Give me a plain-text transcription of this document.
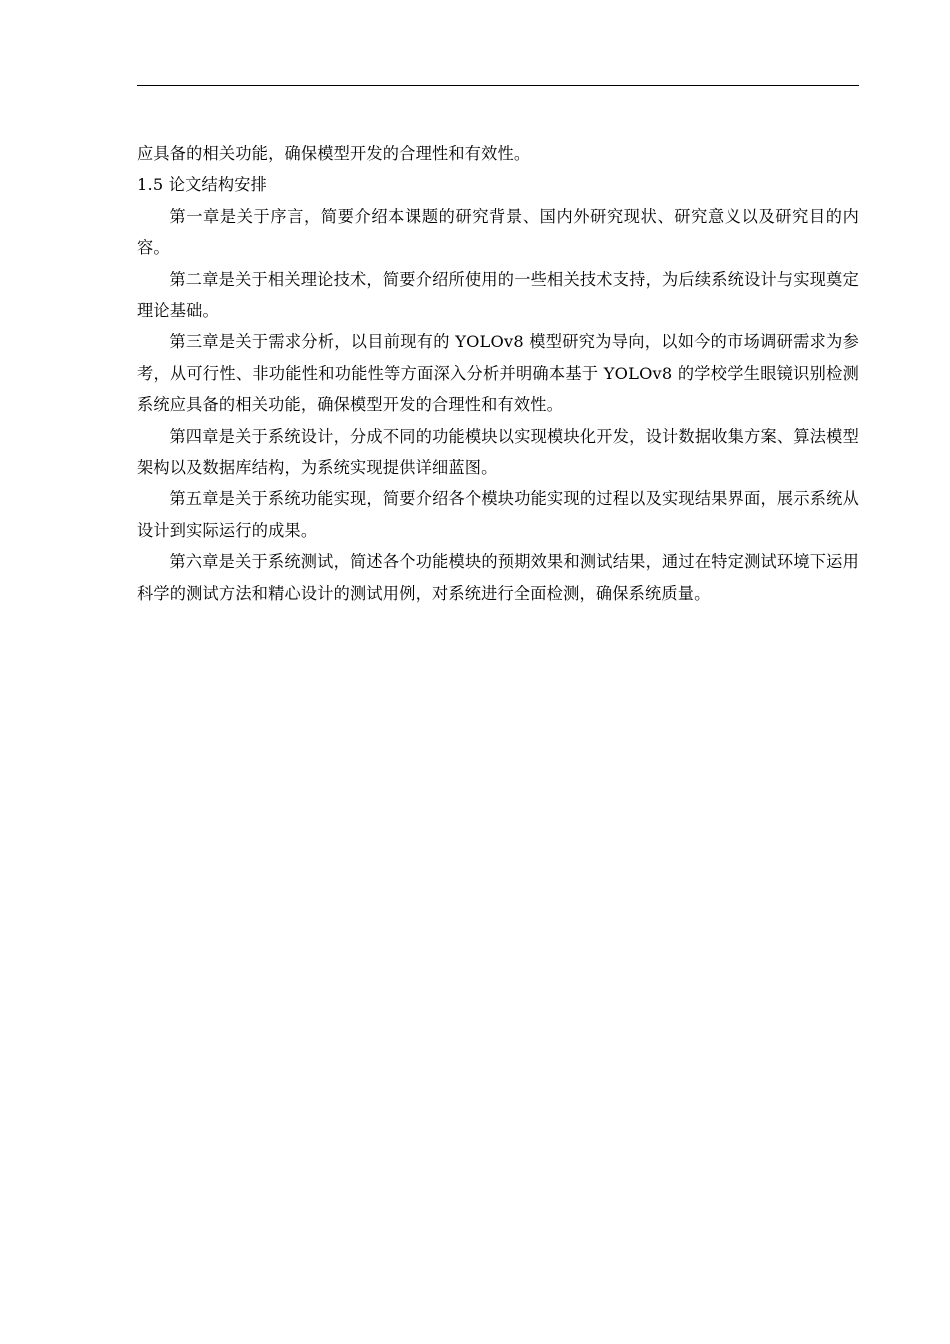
应具备的相关功能，确保模型开发的合理性和有效性。

1.5 论文结构安排

第一章是关于序言，简要介绍本课题的研究背景、国内外研究现状、研究意义以及研究目的内容。

第二章是关于相关理论技术，简要介绍所使用的一些相关技术支持，为后续系统设计与实现奠定理论基础。

第三章是关于需求分析，以目前现有的 YOLOv8 模型研究为导向，以如今的市场调研需求为参考，从可行性、非功能性和功能性等方面深入分析并明确本基于 YOLOv8 的学校学生眼镜识别检测系统应具备的相关功能，确保模型开发的合理性和有效性。

第四章是关于系统设计，分成不同的功能模块以实现模块化开发，设计数据收集方案、算法模型架构以及数据库结构，为系统实现提供详细蓝图。

第五章是关于系统功能实现，简要介绍各个模块功能实现的过程以及实现结果界面，展示系统从设计到实际运行的成果。

第六章是关于系统测试，简述各个功能模块的预期效果和测试结果，通过在特定测试环境下运用科学的测试方法和精心设计的测试用例，对系统进行全面检测，确保系统质量。
